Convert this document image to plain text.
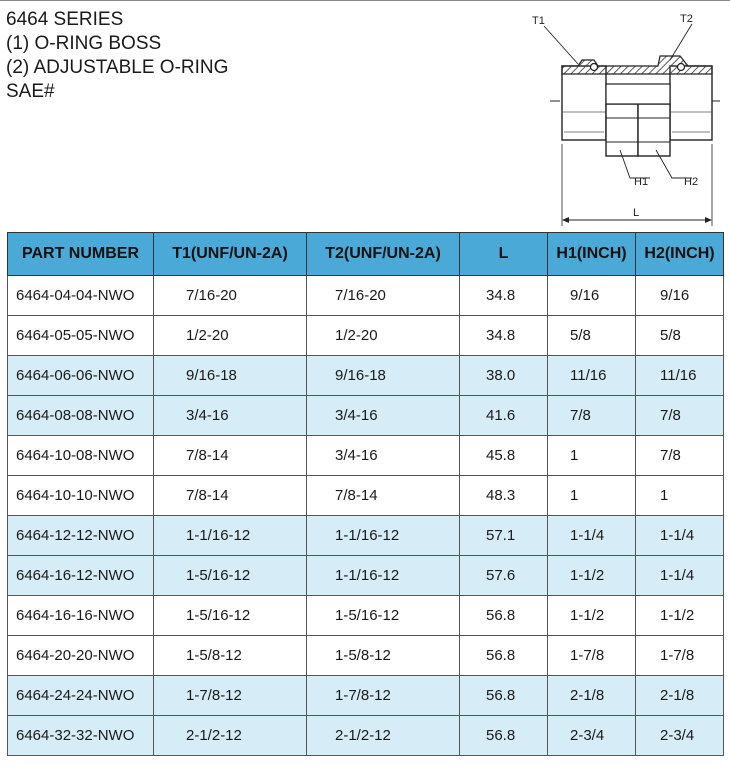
6464 SERIES
(1) O-RING BOSS
(2) ADJUSTABLE O-RING
SAE#
T1	T2
H1	H2
L
PART NUMBER	T1(UNF/UN-2A)	T2(UNF/UN-2A)	L	H1(INCH)	H2(INCH)
6464-04-04-NWO	7/16-20	7/16-20	34.8	9/16	9/16
6464-05-05-NWO	1/2-20	1/2-20	34.8	5/8	5/8
6464-06-06-NWO	9/16-18	9/16-18	38.0	11/16	11/16
6464-08-08-NWO	3/4-16	3/4-16	41.6	7/8	7/8
6464-10-08-NWO	7/8-14	3/4-16	45.8	1	7/8
6464-10-10-NWO	7/8-14	7/8-14	48.3	1	1
6464-12-12-NWO	1-1/16-12	1-1/16-12	57.1	1-1/4	1-1/4
6464-16-12-NWO	1-5/16-12	1-1/16-12	57.6	1-1/2	1-1/4
6464-16-16-NWO	1-5/16-12	1-5/16-12	56.8	1-1/2	1-1/2
6464-20-20-NWO	1-5/8-12	1-5/8-12	56.8	1-7/8	1-7/8
6464-24-24-NWO	1-7/8-12	1-7/8-12	56.8	2-1/8	2-1/8
6464-32-32-NWO	2-1/2-12	2-1/2-12	56.8	2-3/4	2-3/4
